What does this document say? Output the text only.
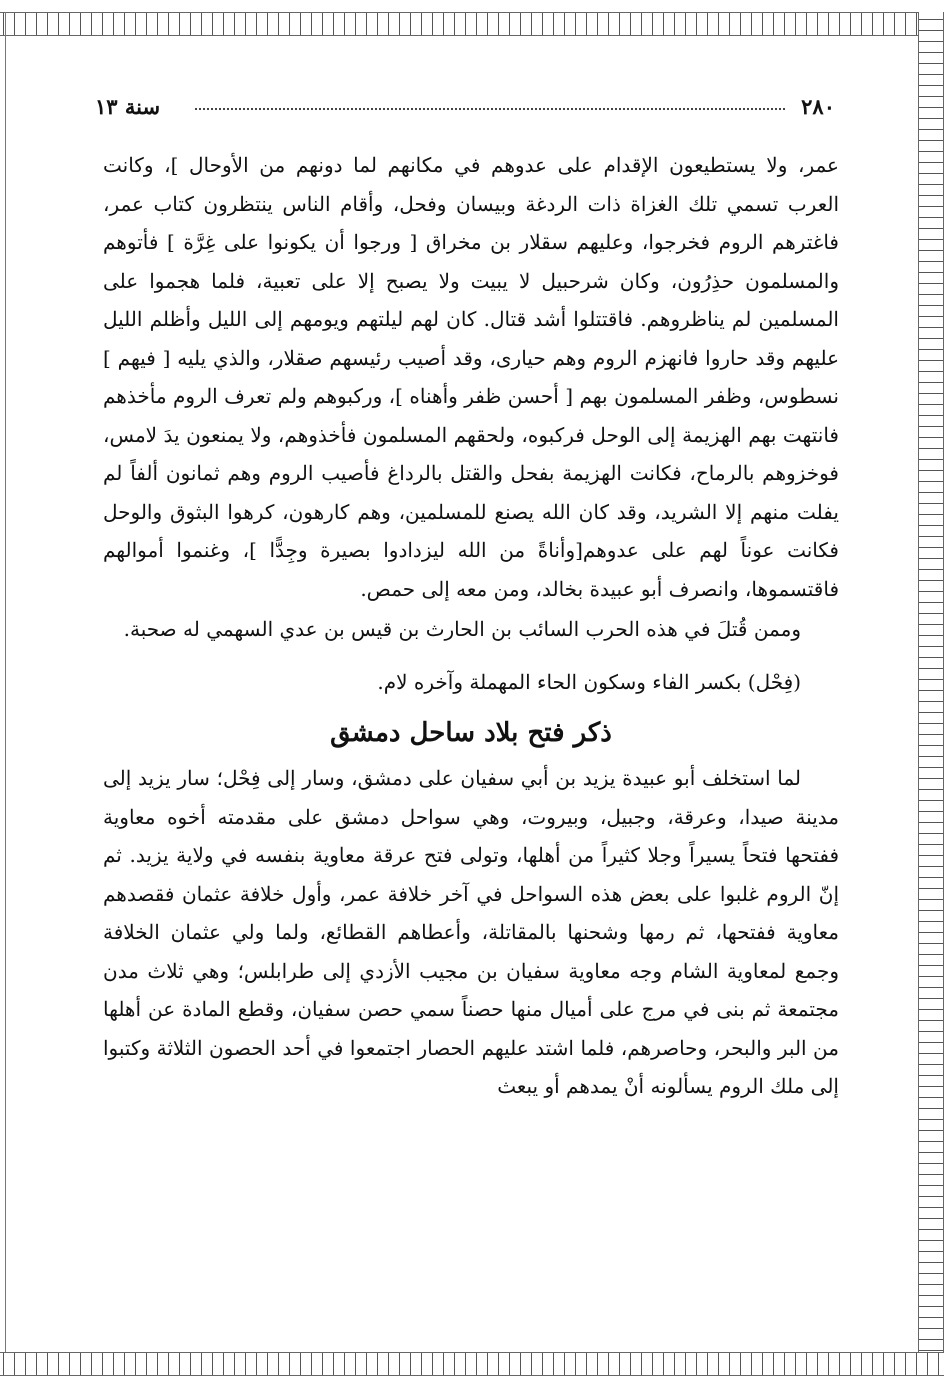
٢٨٠
سنة ١٣

عمر، ولا يستطيعون الإقدام على عدوهم في مكانهم لما دونهم من الأوحال ]، وكانت العرب تسمي تلك الغزاة ذات الردغة وبيسان وفحل، وأقام الناس ينتظرون كتاب عمر، فاغترهم الروم فخرجوا، وعليهم سقلار بن مخراق [ ورجوا أن يكونوا على غِرَّة ] فأتوهم والمسلمون حذِرُون، وكان شرحبيل لا يبيت ولا يصبح إلا على تعبية، فلما هجموا على المسلمين لم يناظروهم. فاقتتلوا أشد قتال. كان لهم ليلتهم ويومهم إلى الليل وأظلم الليل عليهم وقد حاروا فانهزم الروم وهم حيارى، وقد أصيب رئيسهم صقلار، والذي يليه [ فيهم ] نسطوس، وظفر المسلمون بهم [ أحسن ظفر وأهناه ]، وركبوهم ولم تعرف الروم مأخذهم فانتهت بهم الهزيمة إلى الوحل فركبوه، ولحقهم المسلمون فأخذوهم، ولا يمنعون يدَ لامس، فوخزوهم بالرماح، فكانت الهزيمة بفحل والقتل بالرداغ فأصيب الروم وهم ثمانون ألفاً لم يفلت منهم إلا الشريد، وقد كان الله يصنع للمسلمين، وهم كارهون، كرهوا البثوق والوحل فكانت عوناً لهم على عدوهم[وأناةً من الله ليزدادوا بصيرة وجِدًّا ]، وغنموا أموالهم فاقتسموها، وانصرف أبو عبيدة بخالد، ومن معه إلى حمص.

وممن قُتلَ في هذه الحرب السائب بن الحارث بن قيس بن عدي السهمي له صحبة.

(فِحْل) بكسر الفاء وسكون الحاء المهملة وآخره لام.

ذكر فتح بلاد ساحل دمشق

لما استخلف أبو عبيدة يزيد بن أبي سفيان على دمشق، وسار إلى فِحْل؛ سار يزيد إلى مدينة صيدا، وعرقة، وجبيل، وبيروت، وهي سواحل دمشق على مقدمته أخوه معاوية ففتحها فتحاً يسيراً وجلا كثيراً من أهلها، وتولى فتح عرقة معاوية بنفسه في ولاية يزيد. ثم إنّ الروم غلبوا على بعض هذه السواحل في آخر خلافة عمر، وأول خلافة عثمان فقصدهم معاوية ففتحها، ثم رمها وشحنها بالمقاتلة، وأعطاهم القطائع، ولما ولي عثمان الخلافة وجمع لمعاوية الشام وجه معاوية سفيان بن مجيب الأزدي إلى طرابلس؛ وهي ثلاث مدن مجتمعة ثم بنى في مرج على أميال منها حصناً سمي حصن سفيان، وقطع المادة عن أهلها من البر والبحر، وحاصرهم، فلما اشتد عليهم الحصار اجتمعوا في أحد الحصون الثلاثة وكتبوا إلى ملك الروم يسألونه أنْ يمدهم أو يبعث
